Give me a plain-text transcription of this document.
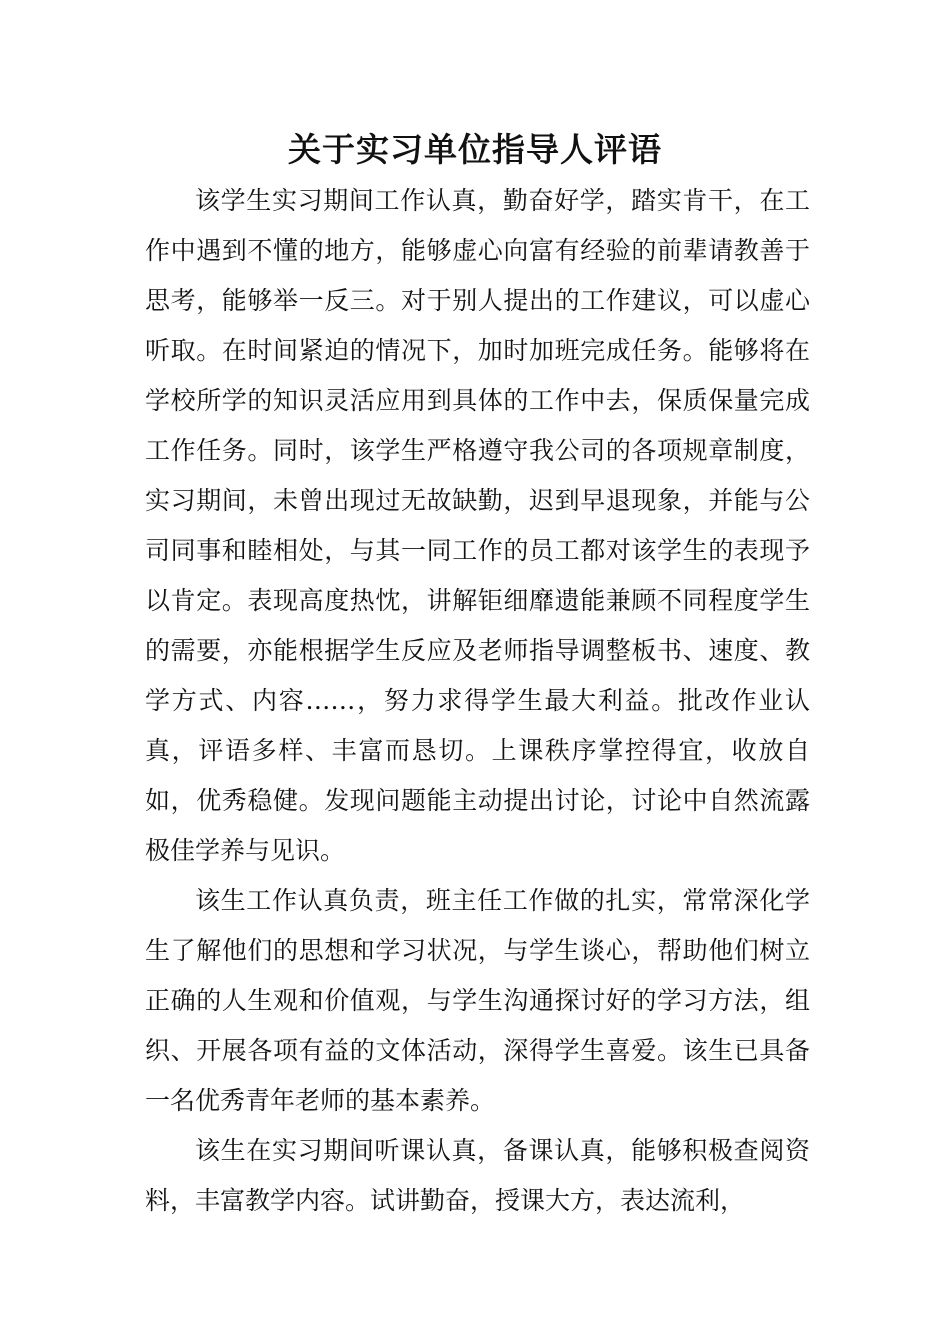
关于实习单位指导人评语

该学生实习期间工作认真，勤奋好学，踏实肯干，在工作中遇到不懂的地方，能够虚心向富有经验的前辈请教善于思考，能够举一反三。对于别人提出的工作建议，可以虚心听取。在时间紧迫的情况下，加时加班完成任务。能够将在学校所学的知识灵活应用到具体的工作中去，保质保量完成工作任务。同时，该学生严格遵守我公司的各项规章制度，实习期间，未曾出现过无故缺勤，迟到早退现象，并能与公司同事和睦相处，与其一同工作的员工都对该学生的表现予以肯定。表现高度热忱，讲解钜细靡遗能兼顾不同程度学生的需要，亦能根据学生反应及老师指导调整板书、速度、教学方式、内容……，努力求得学生最大利益。批改作业认真，评语多样、丰富而恳切。上课秩序掌控得宜，收放自如，优秀稳健。发现问题能主动提出讨论，讨论中自然流露极佳学养与见识。

该生工作认真负责，班主任工作做的扎实，常常深化学生了解他们的思想和学习状况，与学生谈心，帮助他们树立正确的人生观和价值观，与学生沟通探讨好的学习方法，组织、开展各项有益的文体活动，深得学生喜爱。该生已具备一名优秀青年老师的基本素养。

该生在实习期间听课认真，备课认真，能够积极查阅资料，丰富教学内容。试讲勤奋，授课大方，表达流利，
